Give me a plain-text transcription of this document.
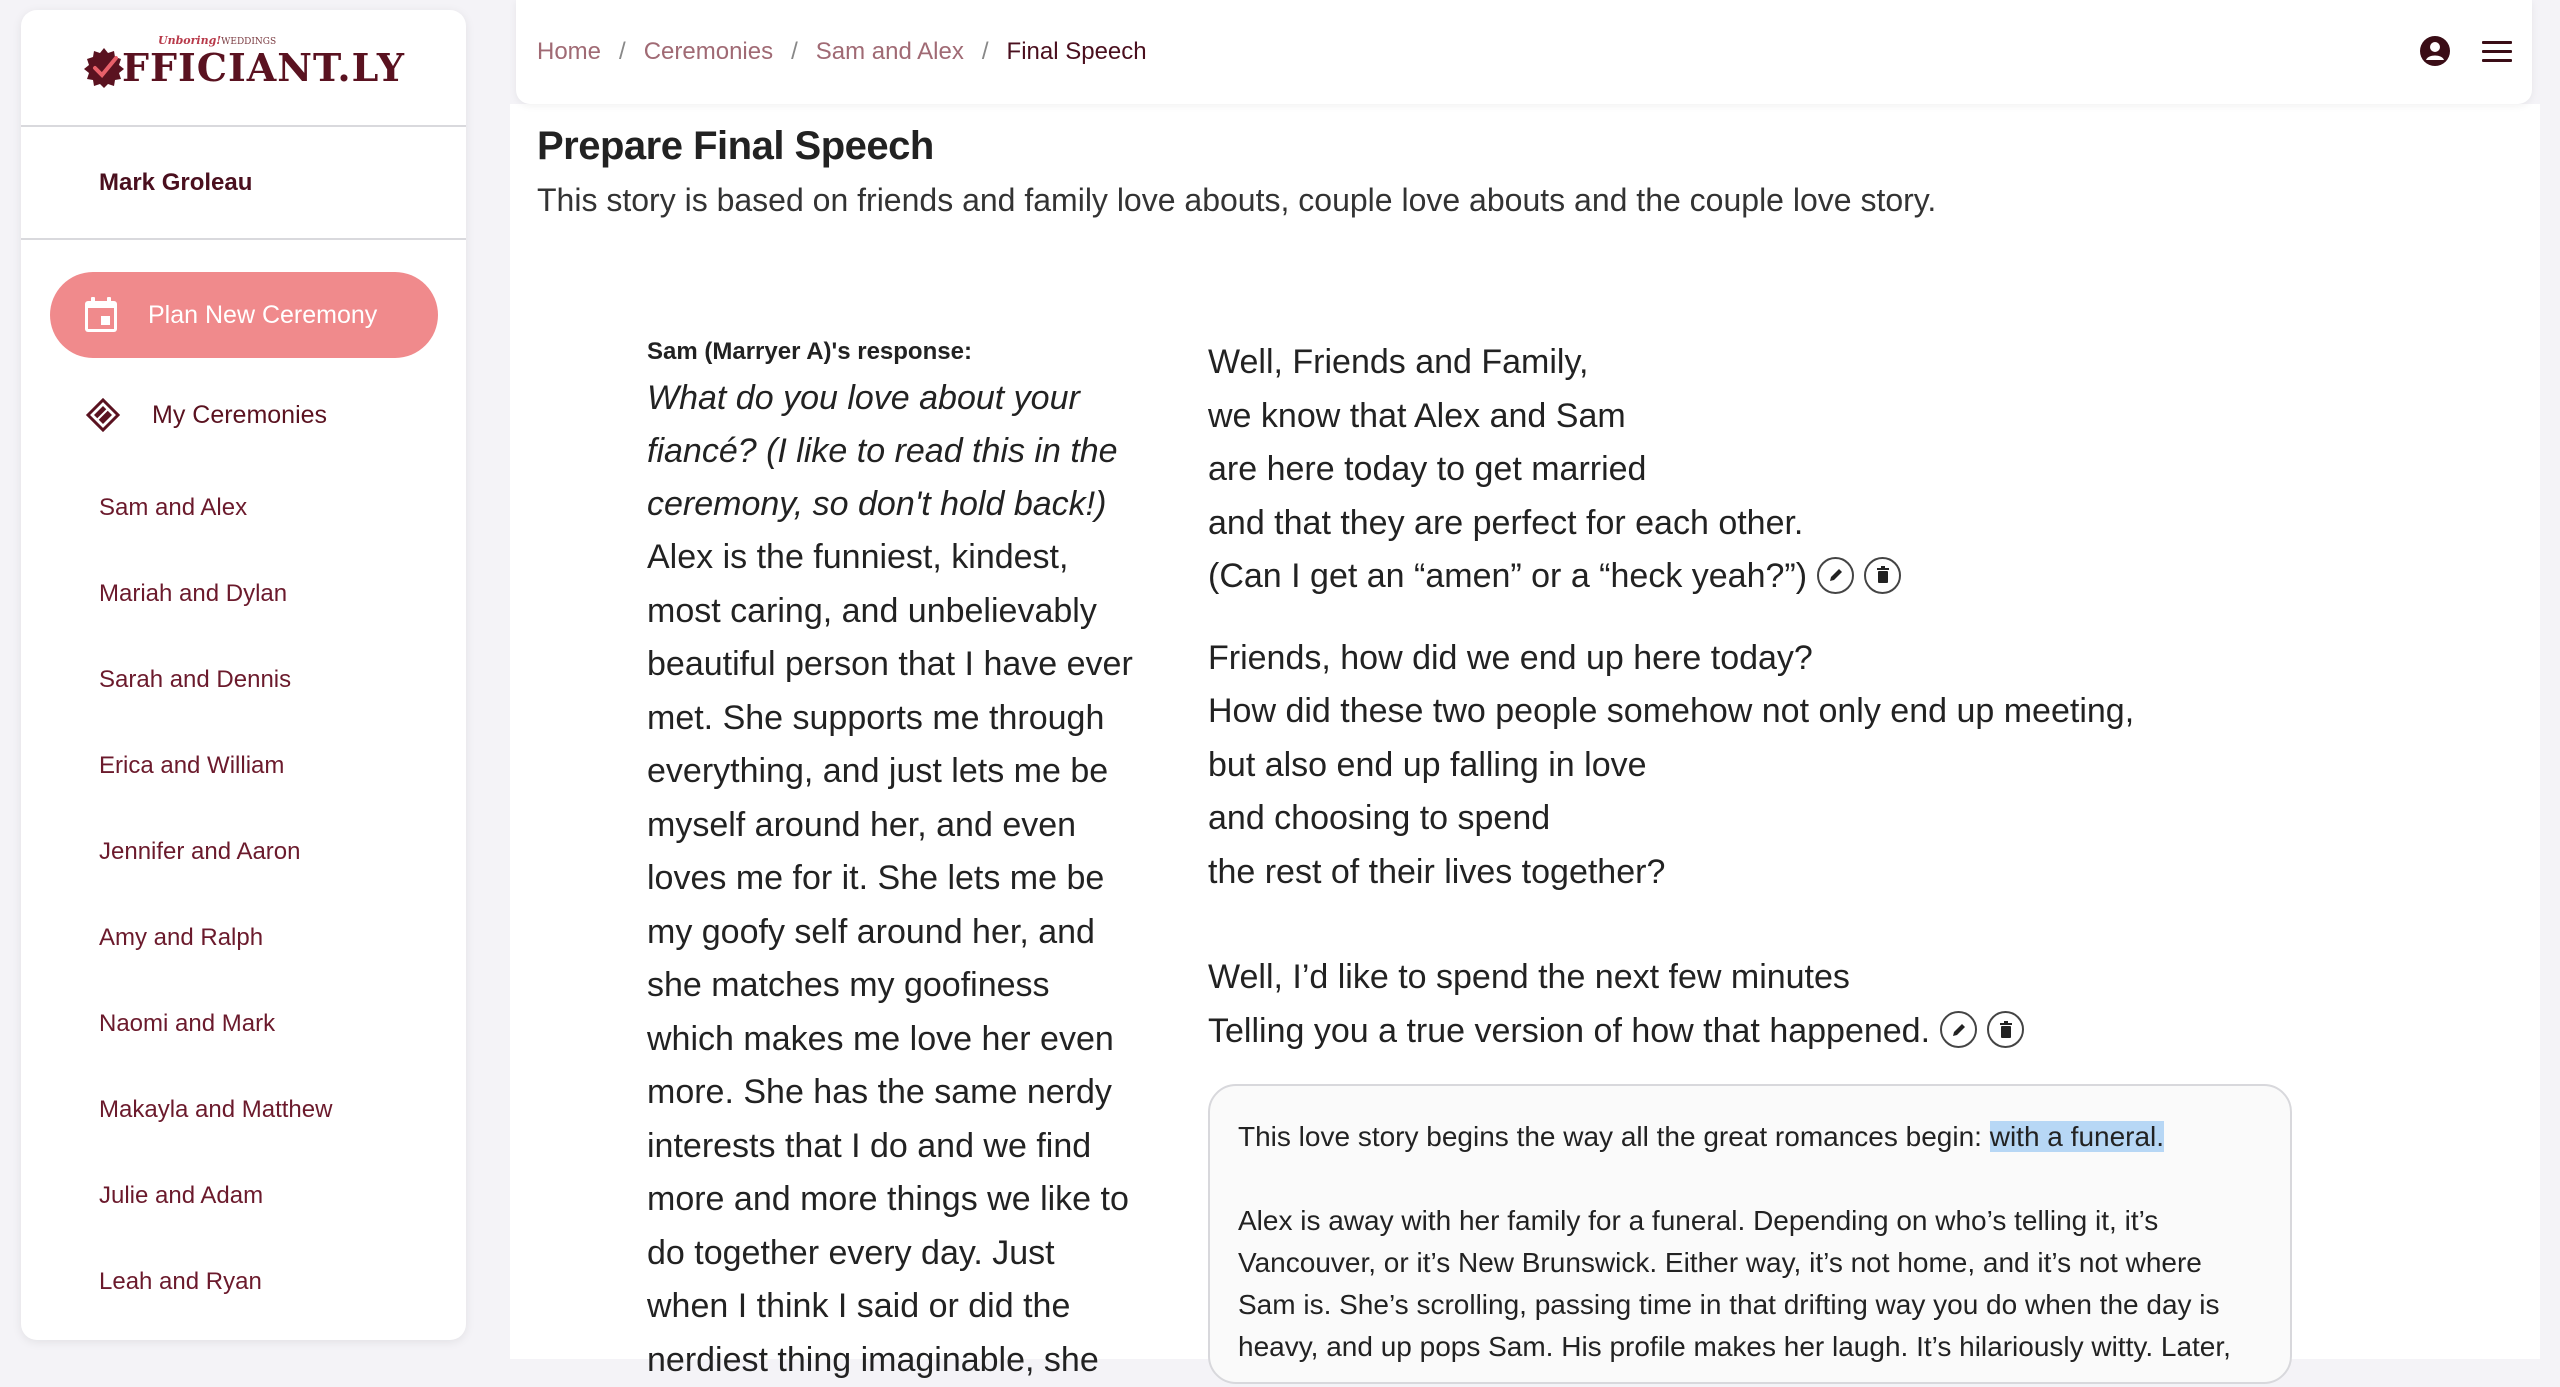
FFICIANT.LY
Unboring!WEDDINGS
Mark Groleau
Plan New Ceremony
My Ceremonies
Sam and Alex
Mariah and Dylan
Sarah and Dennis
Erica and William
Jennifer and Aaron
Amy and Ralph
Naomi and Mark
Makayla and Matthew
Julie and Adam
Leah and Ryan
Prepare Final Speech

This story is based on friends and family love abouts, couple love abouts and the couple love story.

Sam (Marryer A)'s response:
What do you love about your fiancé? (I like to read this in the ceremony, so don't hold back!)
Alex is the funniest, kindest, most caring, and unbelievably beautiful person that I have ever met. She supports me through everything, and just lets me be myself around her, and even loves me for it. She lets me be my goofy self around her, and she matches my goofiness which makes me love her even more. She has the same nerdy interests that I do and we find more and more things we like to do together every day. Just when I think I said or did the nerdiest thing imaginable, she
Well, Friends and Family,
we know that Alex and Sam
are here today to get married
and that they are perfect for each other.
(Can I get an “amen” or a “heck yeah?”)
Friends, how did we end up here today?
How did these two people somehow not only end up meeting,
but also end up falling in love
and choosing to spend
the rest of their lives together?
Well, I’d like to spend the next few minutes
Telling you a true version of how that happened.

This love story begins the way all the great romances begin: with a funeral.

Alex is away with her family for a funeral. Depending on who’s telling it, it’s Vancouver, or it’s New Brunswick. Either way, it’s not home, and it’s not where Sam is. She’s scrolling, passing time in that drifting way you do when the day is heavy, and up pops Sam. His profile makes her laugh. It’s hilariously witty. Later,

Home / Ceremonies / Sam and Alex / Final Speech
